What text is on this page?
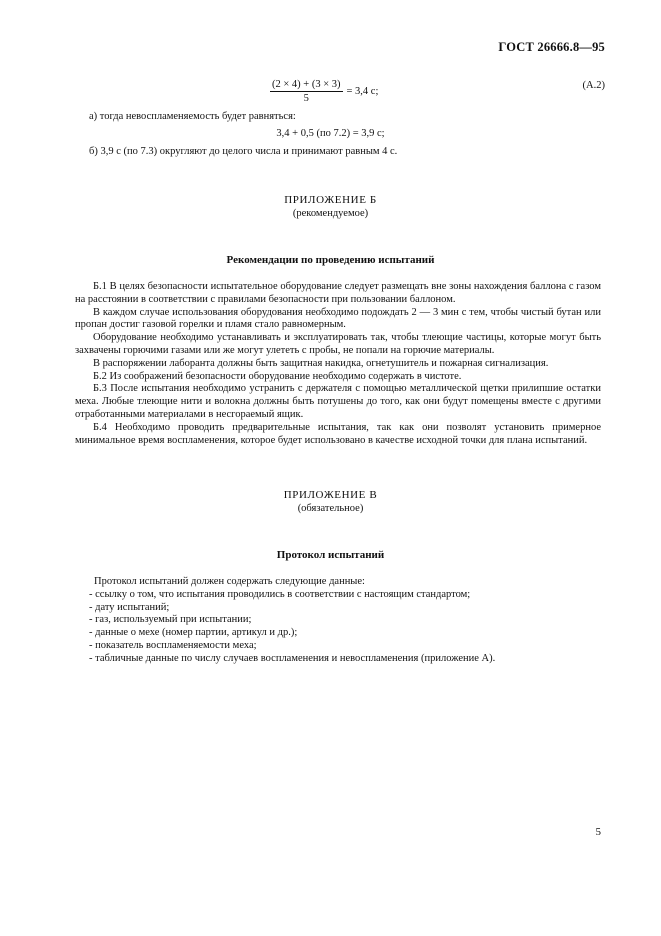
ГОСТ 26666.8—95
$\frac{(2 \times 4) + (3 \times 3)}{5} = 3,4$ с;
(А.2)
а) тогда невоспламеняемость будет равняться:
3,4 + 0,5 (по 7.2) = 3,9 с;
б) 3,9 с (по 7.3) округляют до целого числа и принимают равным 4 с.
ПРИЛОЖЕНИЕ Б
(рекомендуемое)
Рекомендации по проведению испытаний

Б.1 В целях безопасности испытательное оборудование следует размещать вне зоны нахождения баллона с газом на расстоянии в соответствии с правилами безопасности при пользовании баллоном.

В каждом случае использования оборудования необходимо подождать 2 — 3 мин с тем, чтобы чистый бутан или пропан достиг газовой горелки и пламя стало равномерным.

Оборудование необходимо устанавливать и эксплуатировать так, чтобы тлеющие частицы, которые могут быть захвачены горючими газами или же могут улететь с пробы, не попали на горючие материалы.

В распоряжении лаборанта должны быть защитная накидка, огнетушитель и пожарная сигнализация.

Б.2 Из соображений безопасности оборудование необходимо содержать в чистоте.

Б.3 После испытания необходимо устранить с держателя с помощью металлической щетки прилипшие остатки меха. Любые тлеющие нити и волокна должны быть потушены до того, как они будут помещены вместе с другими отработанными материалами в несгораемый ящик.

Б.4 Необходимо проводить предварительные испытания, так как они позволят установить примерное минимальное время воспламенения, которое будет использовано в качестве исходной точки для плана испытаний.

ПРИЛОЖЕНИЕ В
(обязательное)
Протокол испытаний
Протокол испытаний должен содержать следующие данные:
- ссылку о том, что испытания проводились в соответствии с настоящим стандартом;
- дату испытаний;
- газ, используемый при испытании;
- данные о мехе (номер партии, артикул и др.);
- показатель воспламеняемости меха;
- табличные данные по числу случаев воспламенения и невоспламенения (приложение А).
5
